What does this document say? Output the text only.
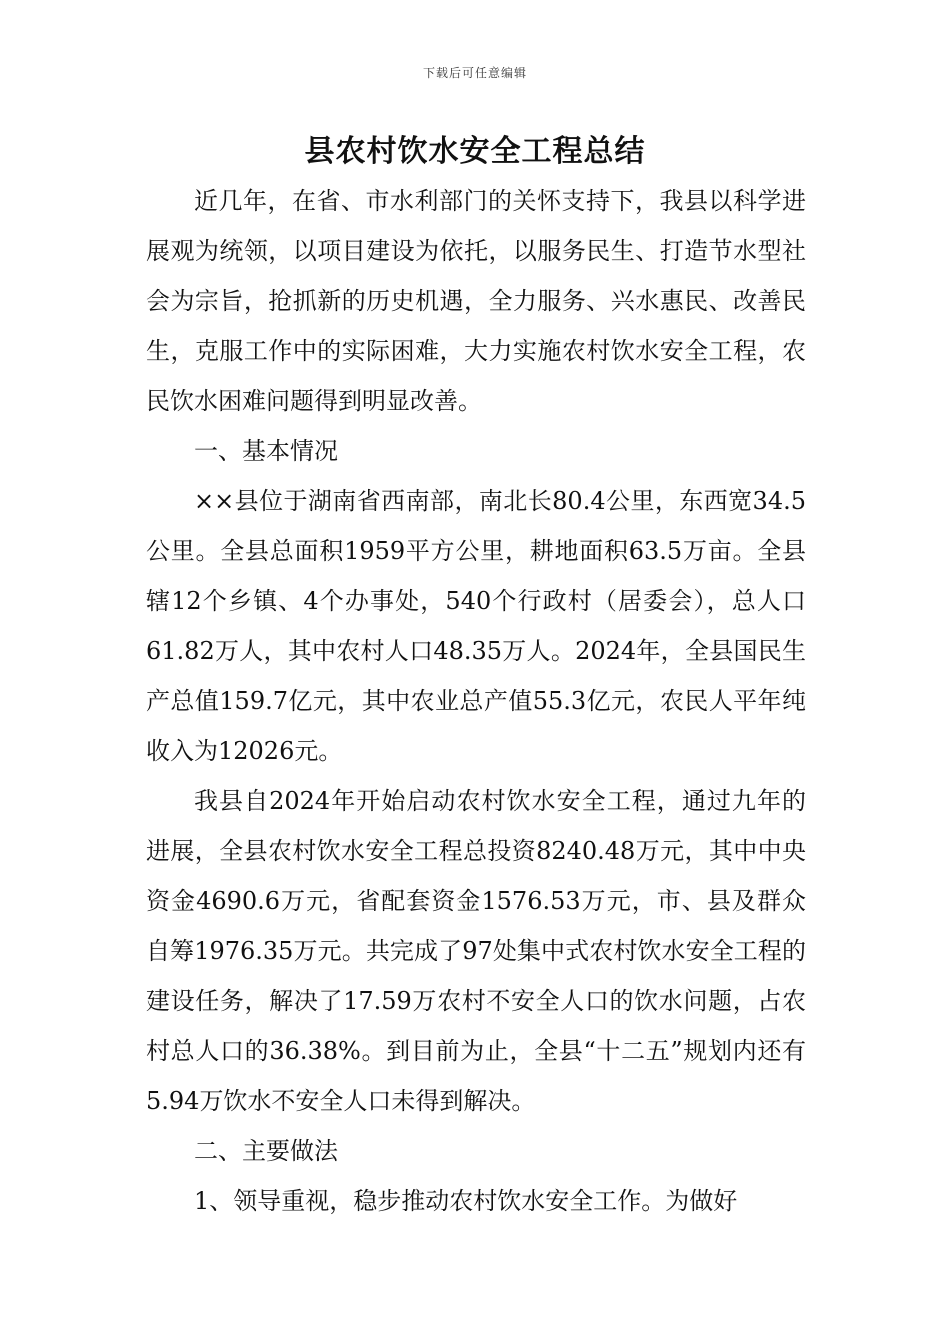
下载后可任意编辑
县农村饮水安全工程总结

近几年，在省、市水利部门的关怀支持下，我县以科学进展观为统领，以项目建设为依托，以服务民生、打造节水型社会为宗旨，抢抓新的历史机遇，全力服务、兴水惠民、改善民生，克服工作中的实际困难，大力实施农村饮水安全工程，农民饮水困难问题得到明显改善。

一、基本情况

××县位于湖南省西南部，南北长80.4公里，东西宽34.5公里。全县总面积1959平方公里，耕地面积63.5万亩。全县辖12个乡镇、4个办事处，540个行政村（居委会），总人口61.82万人，其中农村人口48.35万人。2024年，全县国民生产总值159.7亿元，其中农业总产值55.3亿元，农民人平年纯收入为12026元。

我县自2024年开始启动农村饮水安全工程，通过九年的进展，全县农村饮水安全工程总投资8240.48万元，其中中央资金4690.6万元，省配套资金1576.53万元，市、县及群众自筹1976.35万元。共完成了97处集中式农村饮水安全工程的建设任务，解决了17.59万农村不安全人口的饮水问题，占农村总人口的36.38%。到目前为止，全县“十二五”规划内还有5.94万饮水不安全人口未得到解决。

二、主要做法

1、领导重视，稳步推动农村饮水安全工作。为做好
